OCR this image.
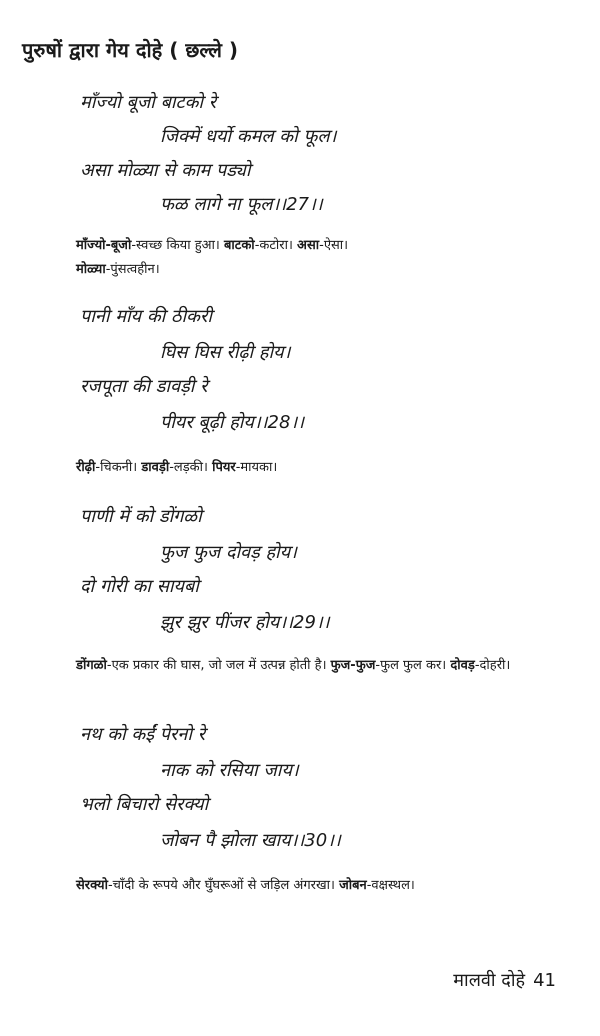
पुरुषों द्वारा गेय दोहे ( छल्ले )
माँज्यो बूजो बाटको रे
जिक्में धर्यो कमल को फूल।
असा मोळ्या से काम पड्यो
फळ लागे ना फूल।।27।।
माँज्यो-बूजो-स्वच्छ किया हुआ। बाटको-कटोरा। असा-ऐसा।
मोळ्या-पुंसत्वहीन।
पानी माँय की ठीकरी
घिस घिस रीढ़ी होय।
रजपूता की डावड़ी रे
पीयर बूढ़ी होय।।28।।
रीढ़ी-चिकनी। डावड़ी-लड़की। पियर-मायका।
पाणी में को डोंगळो
फुज फुज दोवड़ होय।
दो गोरी का सायबो
झुर झुर पींजर होय।।29।।
डोंगळो-एक प्रकार की घास, जो जल में उत्पन्न होती है। फुज-फुज-फुल फुल कर। दोवड़-दोहरी।
नथ को कईं पेरनो रे
नाक को रसिया जाय।
भलो बिचारो सेरक्यो
जोबन पै झोला खाय।।30।।
सेरक्यो-चाँदी के रूपये और घुँघरूओं से जड़िल अंगरखा। जोबन-वक्षस्थल।
मालवी दोहे 41
